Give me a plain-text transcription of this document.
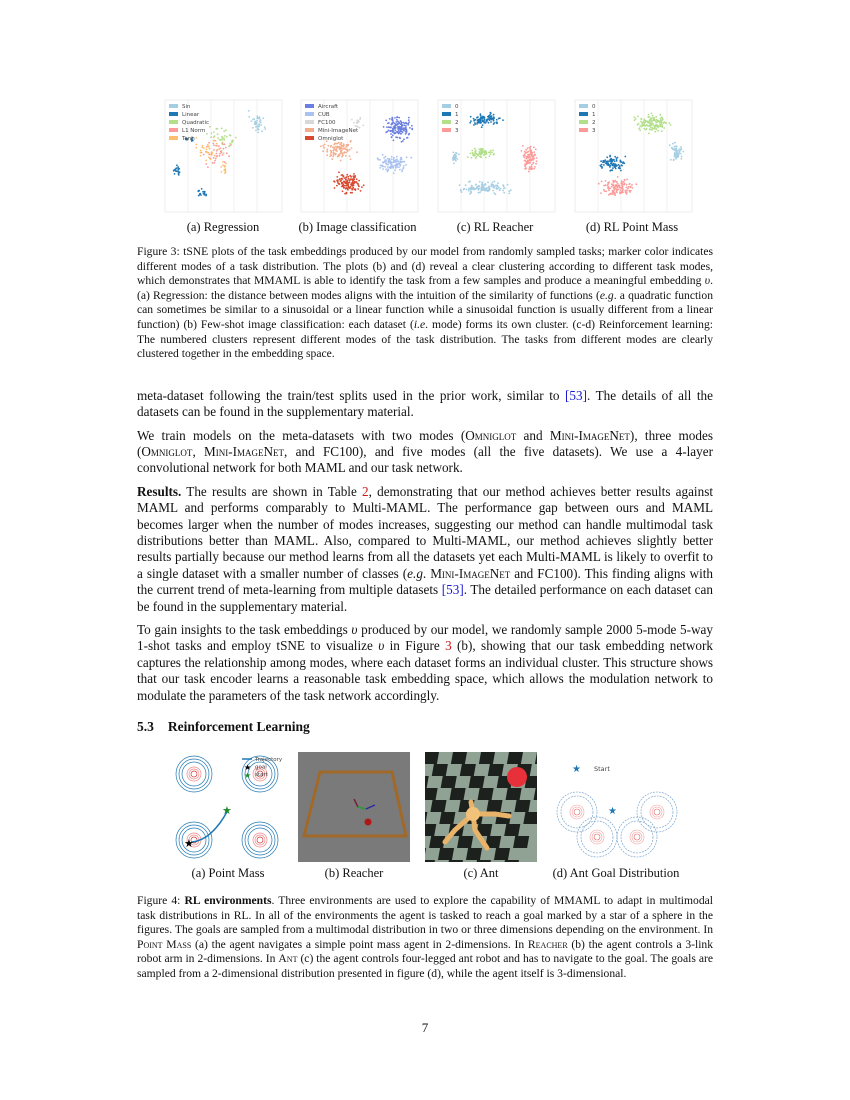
Sin
Linear
Quadratic
L1 Norm
Tanh
Aircraft
CUB
FC100
Mini-ImageNet
Omniglot
0
1
2
3
0
1
2
3
(a) Regression	(b) Image classification	(c) RL Reacher	(d) RL Point Mass
Figure 3: tSNE plots of the task embeddings produced by our model from randomly sampled tasks; marker color indicates different modes of a task distribution. The plots (b) and (d) reveal a clear clustering according to different task modes, which demonstrates that MMAML is able to identify the task from a few samples and produce a meaningful embedding υ. (a) Regression: the distance between modes aligns with the intuition of the similarity of functions (e.g. a quadratic function can sometimes be similar to a sinusoidal or a linear function while a sinusoidal function is usually different from a linear function) (b) Few-shot image classification: each dataset (i.e. mode) forms its own cluster. (c-d) Reinforcement learning: The numbered clusters represent different modes of the task distribution. The tasks from different modes are clearly clustered together in the embedding space.

meta-dataset following the train/test splits used in the prior work, similar to [53]. The details of all the datasets can be found in the supplementary material.

We train models on the meta-datasets with two modes (Omniglot and Mini-ImageNet), three modes (Omniglot, Mini-ImageNet, and FC100), and five modes (all the five datasets). We use a 4-layer convolutional network for both MAML and our task network.

Results. The results are shown in Table 2, demonstrating that our method achieves better results against MAML and performs comparably to Multi-MAML. The performance gap between ours and MAML becomes larger when the number of modes increases, suggesting our method can handle multimodal task distributions better than MAML. Also, compared to Multi-MAML, our method achieves slightly better results partially because our method learns from all the datasets yet each Multi-MAML is likely to overfit to a single dataset with a smaller number of classes (e.g. Mini-ImageNet and FC100). This finding aligns with the current trend of meta-learning from multiple datasets [53]. The detailed performance on each dataset can be found in the supplementary material.

To gain insights to the task embeddings υ produced by our model, we randomly sample 2000 5-mode 5-way 1-shot tasks and employ tSNE to visualize υ in Figure 3 (b), showing that our task embedding network captures the relationship among modes, where each dataset forms an individual cluster. This structure shows that our task encoder learns a reasonable task embedding space, which allows the modulation network to modulate the parameters of the task network accordingly.

5.3 Reinforcement Learning
Trajectory
★ goal
★ start
★
★
★ Start
★
(a) Point Mass	(b) Reacher	(c) Ant	(d) Ant Goal Distribution
Figure 4: RL environments. Three environments are used to explore the capability of MMAML to adapt in multimodal task distributions in RL. In all of the environments the agent is tasked to reach a goal marked by a star of a sphere in the figures. The goals are sampled from a multimodal distribution in two or three dimensions depending on the environment. In Point Mass (a) the agent navigates a simple point mass agent in 2-dimensions. In Reacher (b) the agent controls a 3-link robot arm in 2-dimensions. In Ant (c) the agent controls four-legged ant robot and has to navigate to the goal. The goals are sampled from a 2-dimensional distribution presented in figure (d), while the agent itself is 3-dimensional.
7
